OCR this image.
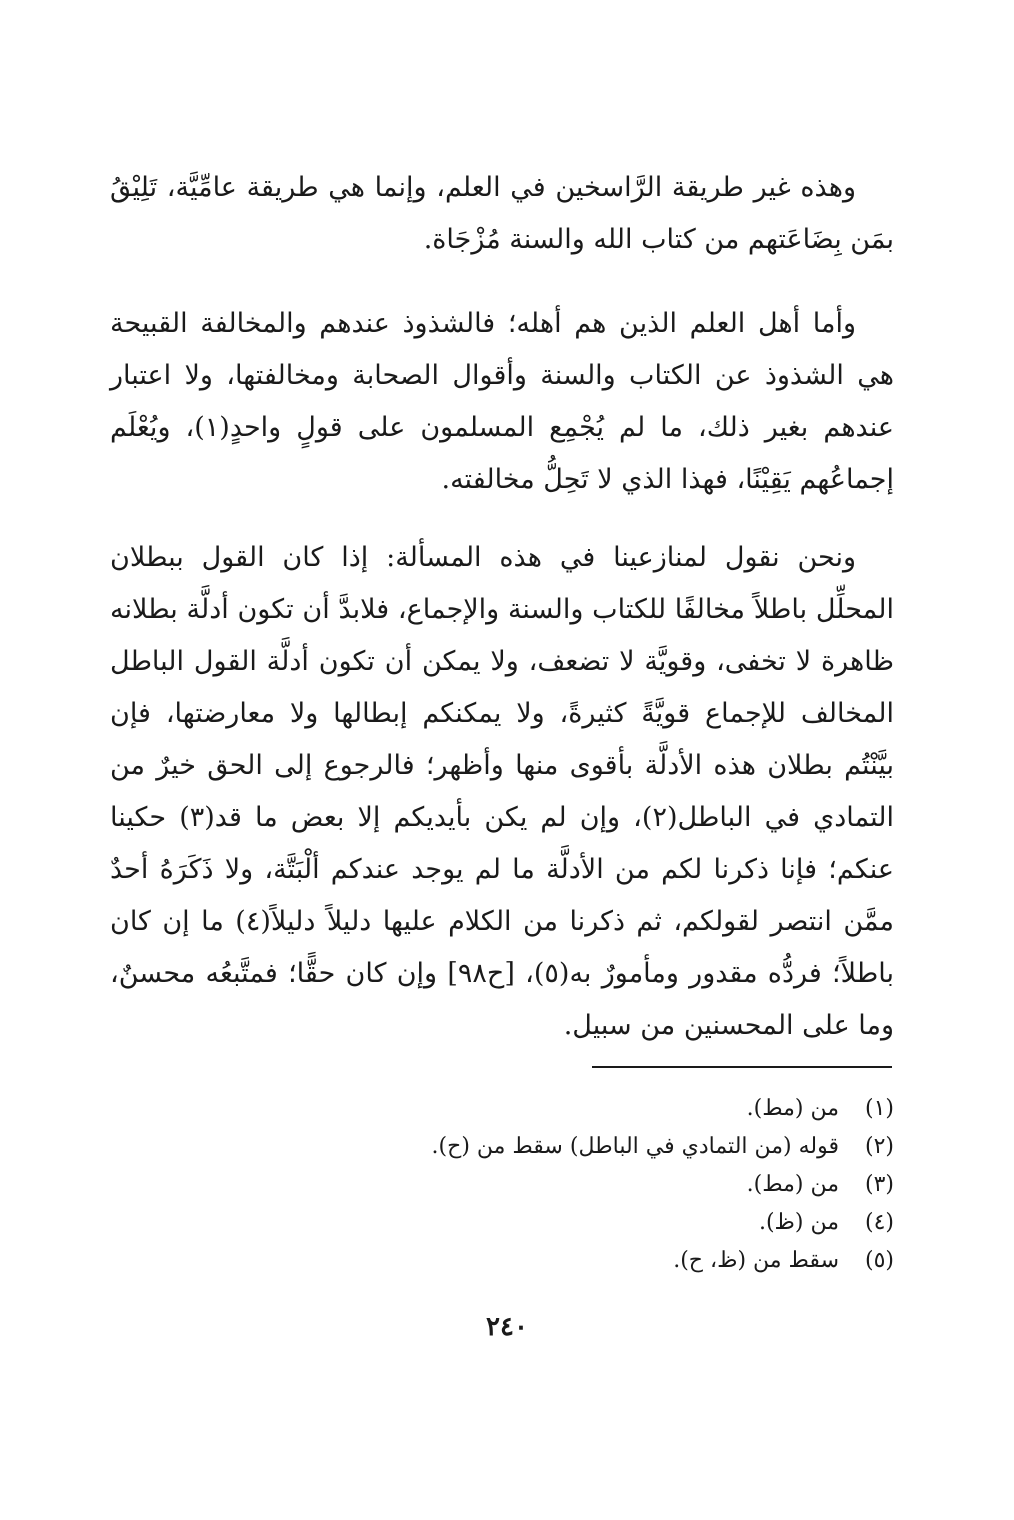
وهذه غير طريقة الرَّاسخين في العلم، وإنما هي طريقة عامِّيَّة، تَلِيْقُ بمَن بِضَاعَتهم من كتاب الله والسنة مُزْجَاة.

وأما أهل العلم الذين هم أهله؛ فالشذوذ عندهم والمخالفة القبيحة هي الشذوذ عن الكتاب والسنة وأقوال الصحابة ومخالفتها، ولا اعتبار عندهم بغير ذلك، ما لم يُجْمِع المسلمون على قولٍ واحدٍ(١)، ويُعْلَم إجماعُهم يَقِيْنًا، فهذا الذي لا تَحِلُّ مخالفته.

ونحن نقول لمنازعينا في هذه المسألة: إذا كان القول ببطلان المحلِّل باطلاً مخالفًا للكتاب والسنة والإجماع، فلابدَّ أن تكون أدلَّة بطلانه ظاهرة لا تخفى، وقويَّة لا تضعف، ولا يمكن أن تكون أدلَّة القول الباطل المخالف للإجماع قويَّةً كثيرةً، ولا يمكنكم إبطالها ولا معارضتها، فإن بيَّنْتُم بطلان هذه الأدلَّة بأقوى منها وأظهر؛ فالرجوع إلى الحق خيرٌ من التمادي في الباطل(٢)، وإن لم يكن بأيديكم إلا بعض ما قد(٣) حكينا عنكم؛ فإنا ذكرنا لكم من الأدلَّة ما لم يوجد عندكم ألْبَتَّة، ولا ذَكَرَهُ أحدٌ ممَّن انتصر لقولكم، ثم ذكرنا من الكلام عليها دليلاً دليلاً(٤) ما إن كان باطلاً؛ فردُّه مقدور ومأمورٌ به(٥)، [ح٩٨] وإن كان حقًّا؛ فمتَّبعُه محسنٌ، وما على المحسنين من سبيل.

(١) من (مط).
(٢) قوله (من التمادي في الباطل) سقط من (ح).
(٣) من (مط).
(٤) من (ظ).
(٥) سقط من (ظ، ح).
٢٤٠
